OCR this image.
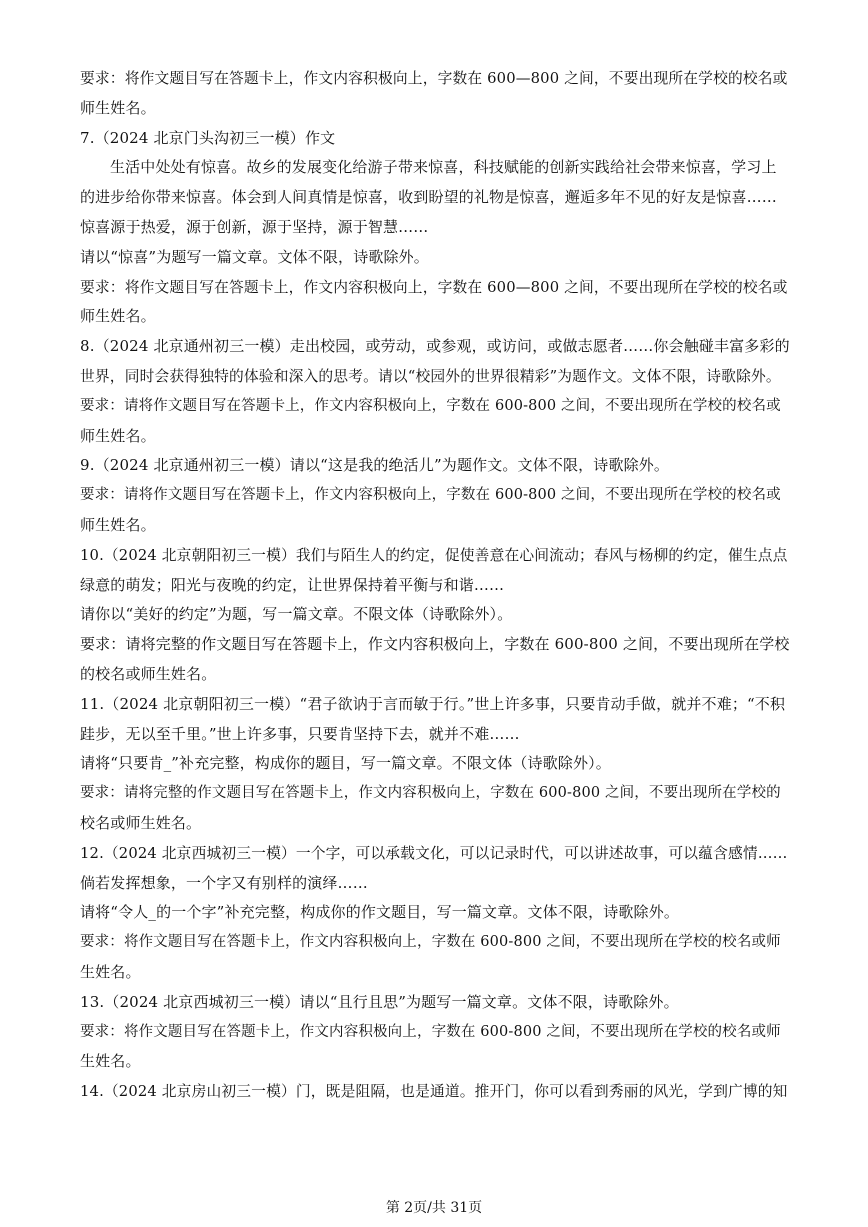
要求：将作文题目写在答题卡上，作文内容积极向上，字数在 600—800 之间，不要出现所在学校的校名或
师生姓名。
7.（2024 北京门头沟初三一模）作文
生活中处处有惊喜。故乡的发展变化给游子带来惊喜，科技赋能的创新实践给社会带来惊喜，学习上
的进步给你带来惊喜。体会到人间真情是惊喜，收到盼望的礼物是惊喜，邂逅多年不见的好友是惊喜……
惊喜源于热爱，源于创新，源于坚持，源于智慧……
请以“惊喜”为题写一篇文章。文体不限，诗歌除外。
要求：将作文题目写在答题卡上，作文内容积极向上，字数在 600—800 之间，不要出现所在学校的校名或
师生姓名。
8.（2024 北京通州初三一模）走出校园，或劳动，或参观，或访问，或做志愿者……你会触碰丰富多彩的
世界，同时会获得独特的体验和深入的思考。请以“校园外的世界很精彩”为题作文。文体不限，诗歌除外。
要求：请将作文题目写在答题卡上，作文内容积极向上，字数在 600-800 之间，不要出现所在学校的校名或
师生姓名。
9.（2024 北京通州初三一模）请以“这是我的绝活儿”为题作文。文体不限，诗歌除外。
要求：请将作文题目写在答题卡上，作文内容积极向上，字数在 600-800 之间，不要出现所在学校的校名或
师生姓名。
10.（2024 北京朝阳初三一模）我们与陌生人的约定，促使善意在心间流动；春风与杨柳的约定，催生点点
绿意的萌发；阳光与夜晚的约定，让世界保持着平衡与和谐……
请你以“美好的约定”为题，写一篇文章。不限文体（诗歌除外）。
要求：请将完整的作文题目写在答题卡上，作文内容积极向上，字数在 600-800 之间，不要出现所在学校
的校名或师生姓名。
11.（2024 北京朝阳初三一模）“君子欲讷于言而敏于行。”世上许多事，只要肯动手做，就并不难；“不积
跬步，无以至千里。”世上许多事，只要肯坚持下去，就并不难……
请将“只要肯_”补充完整，构成你的题目，写一篇文章。不限文体（诗歌除外）。
要求：请将完整的作文题目写在答题卡上，作文内容积极向上，字数在 600-800 之间，不要出现所在学校的
校名或师生姓名。
12.（2024 北京西城初三一模）一个字，可以承载文化，可以记录时代，可以讲述故事，可以蕴含感情……
倘若发挥想象，一个字又有别样的演绎……
请将“令人_的一个字”补充完整，构成你的作文题目，写一篇文章。文体不限，诗歌除外。
要求：将作文题目写在答题卡上，作文内容积极向上，字数在 600-800 之间，不要出现所在学校的校名或师
生姓名。
13.（2024 北京西城初三一模）请以“且行且思”为题写一篇文章。文体不限，诗歌除外。
要求：将作文题目写在答题卡上，作文内容积极向上，字数在 600-800 之间，不要出现所在学校的校名或师
生姓名。
14.（2024 北京房山初三一模）门，既是阻隔，也是通道。推开门，你可以看到秀丽的风光，学到广博的知
第 2页/共 31页
